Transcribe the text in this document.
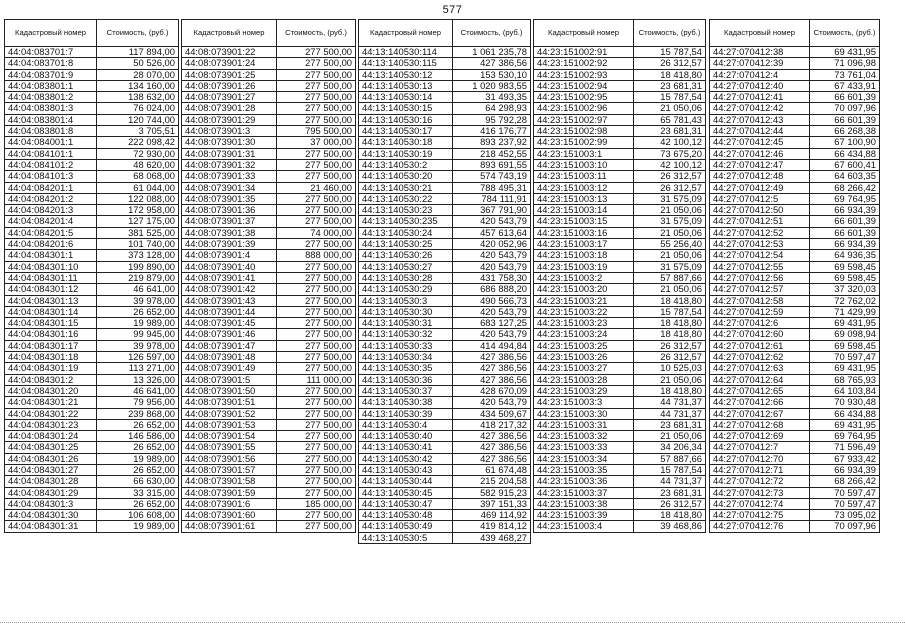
577
Кадастровый номер	Стоимость, (руб.)
44:04:083701:7	117 894,00
44:04:083701:8	50 526,00
44:04:083701:9	28 070,00
44:04:083801:1	134 160,00
44:04:083801:2	138 632,00
44:04:083801:3	76 024,00
44:04:083801:4	120 744,00
44:04:083801:8	3 705,51
44:04:084001:1	222 098,42
44:04:084101:1	72 930,00
44:04:084101:2	48 620,00
44:04:084101:3	68 068,00
44:04:084201:1	61 044,00
44:04:084201:2	122 088,00
44:04:084201:3	172 958,00
44:04:084201:4	127 175,00
44:04:084201:5	381 525,00
44:04:084201:6	101 740,00
44:04:084301:1	373 128,00
44:04:084301:10	199 890,00
44:04:084301:11	219 879,00
44:04:084301:12	46 641,00
44:04:084301:13	39 978,00
44:04:084301:14	26 652,00
44:04:084301:15	19 989,00
44:04:084301:16	99 945,00
44:04:084301:17	39 978,00
44:04:084301:18	126 597,00
44:04:084301:19	113 271,00
44:04:084301:2	13 326,00
44:04:084301:20	46 641,00
44:04:084301:21	79 956,00
44:04:084301:22	239 868,00
44:04:084301:23	26 652,00
44:04:084301:24	146 586,00
44:04:084301:25	26 652,00
44:04:084301:26	19 989,00
44:04:084301:27	26 652,00
44:04:084301:28	66 630,00
44:04:084301:29	33 315,00
44:04:084301:3	26 652,00
44:04:084301:30	106 608,00
44:04:084301:31	19 989,00
Кадастровый номер	Стоимость, (руб.)
44:08:073901:22	277 500,00
44:08:073901:24	277 500,00
44:08:073901:25	277 500,00
44:08:073901:26	277 500,00
44:08:073901:27	277 500,00
44:08:073901:28	277 500,00
44:08:073901:29	277 500,00
44:08:073901:3	795 500,00
44:08:073901:30	37 000,00
44:08:073901:31	277 500,00
44:08:073901:32	277 500,00
44:08:073901:33	277 500,00
44:08:073901:34	21 460,00
44:08:073901:35	277 500,00
44:08:073901:36	277 500,00
44:08:073901:37	277 500,00
44:08:073901:38	74 000,00
44:08:073901:39	277 500,00
44:08:073901:4	888 000,00
44:08:073901:40	277 500,00
44:08:073901:41	277 500,00
44:08:073901:42	277 500,00
44:08:073901:43	277 500,00
44:08:073901:44	277 500,00
44:08:073901:45	277 500,00
44:08:073901:46	277 500,00
44:08:073901:47	277 500,00
44:08:073901:48	277 500,00
44:08:073901:49	277 500,00
44:08:073901:5	111 000,00
44:08:073901:50	277 500,00
44:08:073901:51	277 500,00
44:08:073901:52	277 500,00
44:08:073901:53	277 500,00
44:08:073901:54	277 500,00
44:08:073901:55	277 500,00
44:08:073901:56	277 500,00
44:08:073901:57	277 500,00
44:08:073901:58	277 500,00
44:08:073901:59	277 500,00
44:08:073901:6	185 000,00
44:08:073901:60	277 500,00
44:08:073901:61	277 500,00
Кадастровый номер	Стоимость, (руб.)
44:13:140530:114	1 061 235,78
44:13:140530:115	427 386,56
44:13:140530:12	153 530,10
44:13:140530:13	1 020 983,55
44:13:140530:14	31 493,35
44:13:140530:15	64 298,93
44:13:140530:16	95 792,28
44:13:140530:17	416 176,77
44:13:140530:18	893 237,92
44:13:140530:19	218 452,55
44:13:140530:2	893 691,55
44:13:140530:20	574 743,19
44:13:140530:21	788 495,31
44:13:140530:22	784 111,91
44:13:140530:23	367 791,90
44:13:140530:235	420 543,79
44:13:140530:24	457 613,64
44:13:140530:25	420 052,96
44:13:140530:26	420 543,79
44:13:140530:27	420 543,79
44:13:140530:28	431 758,30
44:13:140530:29	686 888,20
44:13:140530:3	490 566,73
44:13:140530:30	420 543,79
44:13:140530:31	683 127,25
44:13:140530:32	420 543,79
44:13:140530:33	414 494,84
44:13:140530:34	427 386,56
44:13:140530:35	427 386,56
44:13:140530:36	427 386,56
44:13:140530:37	428 670,09
44:13:140530:38	420 543,79
44:13:140530:39	434 509,67
44:13:140530:4	418 217,32
44:13:140530:40	427 386,56
44:13:140530:41	427 386,56
44:13:140530:42	427 386,56
44:13:140530:43	61 674,48
44:13:140530:44	215 204,58
44:13:140530:45	582 915,23
44:13:140530:47	397 151,33
44:13:140530:48	469 114,92
44:13:140530:49	419 814,12
44:13:140530:5	439 468,27
Кадастровый номер	Стоимость, (руб.)
44:23:151002:91	15 787,54
44:23:151002:92	26 312,57
44:23:151002:93	18 418,80
44:23:151002:94	23 681,31
44:23:151002:95	15 787,54
44:23:151002:96	21 050,06
44:23:151002:97	65 781,43
44:23:151002:98	23 681,31
44:23:151002:99	42 100,12
44:23:151003:1	73 675,20
44:23:151003:10	42 100,12
44:23:151003:11	26 312,57
44:23:151003:12	26 312,57
44:23:151003:13	31 575,09
44:23:151003:14	21 050,06
44:23:151003:15	31 575,09
44:23:151003:16	21 050,06
44:23:151003:17	55 256,40
44:23:151003:18	21 050,06
44:23:151003:19	31 575,09
44:23:151003:2	57 887,66
44:23:151003:20	21 050,06
44:23:151003:21	18 418,80
44:23:151003:22	15 787,54
44:23:151003:23	18 418,80
44:23:151003:24	18 418,80
44:23:151003:25	26 312,57
44:23:151003:26	26 312,57
44:23:151003:27	10 525,03
44:23:151003:28	21 050,06
44:23:151003:29	18 418,80
44:23:151003:3	44 731,37
44:23:151003:30	44 731,37
44:23:151003:31	23 681,31
44:23:151003:32	21 050,06
44:23:151003:33	34 206,34
44:23:151003:34	57 887,66
44:23:151003:35	15 787,54
44:23:151003:36	44 731,37
44:23:151003:37	23 681,31
44:23:151003:38	26 312,57
44:23:151003:39	18 418,80
44:23:151003:4	39 468,86
Кадастровый номер	Стоимость, (руб.)
44:27:070412:38	69 431,95
44:27:070412:39	71 096,98
44:27:070412:4	73 761,04
44:27:070412:40	67 433,91
44:27:070412:41	66 601,39
44:27:070412:42	70 097,96
44:27:070412:43	66 601,39
44:27:070412:44	66 268,38
44:27:070412:45	67 100,90
44:27:070412:46	66 434,88
44:27:070412:47	67 600,41
44:27:070412:48	64 603,35
44:27:070412:49	68 266,42
44:27:070412:5	69 764,95
44:27:070412:50	66 934,39
44:27:070412:51	66 601,39
44:27:070412:52	66 601,39
44:27:070412:53	66 934,39
44:27:070412:54	64 936,35
44:27:070412:55	69 598,45
44:27:070412:56	69 598,45
44:27:070412:57	37 320,03
44:27:070412:58	72 762,02
44:27:070412:59	71 429,99
44:27:070412:6	69 431,95
44:27:070412:60	69 098,94
44:27:070412:61	69 598,45
44:27:070412:62	70 597,47
44:27:070412:63	69 431,95
44:27:070412:64	68 765,93
44:27:070412:65	64 103,84
44:27:070412:66	70 930,48
44:27:070412:67	66 434,88
44:27:070412:68	69 431,95
44:27:070412:69	69 764,95
44:27:070412:7	71 596,49
44:27:070412:70	67 933,42
44:27:070412:71	66 934,39
44:27:070412:72	68 266,42
44:27:070412:73	70 597,47
44:27:070412:74	70 597,47
44:27:070412:75	73 095,02
44:27:070412:76	70 097,96
